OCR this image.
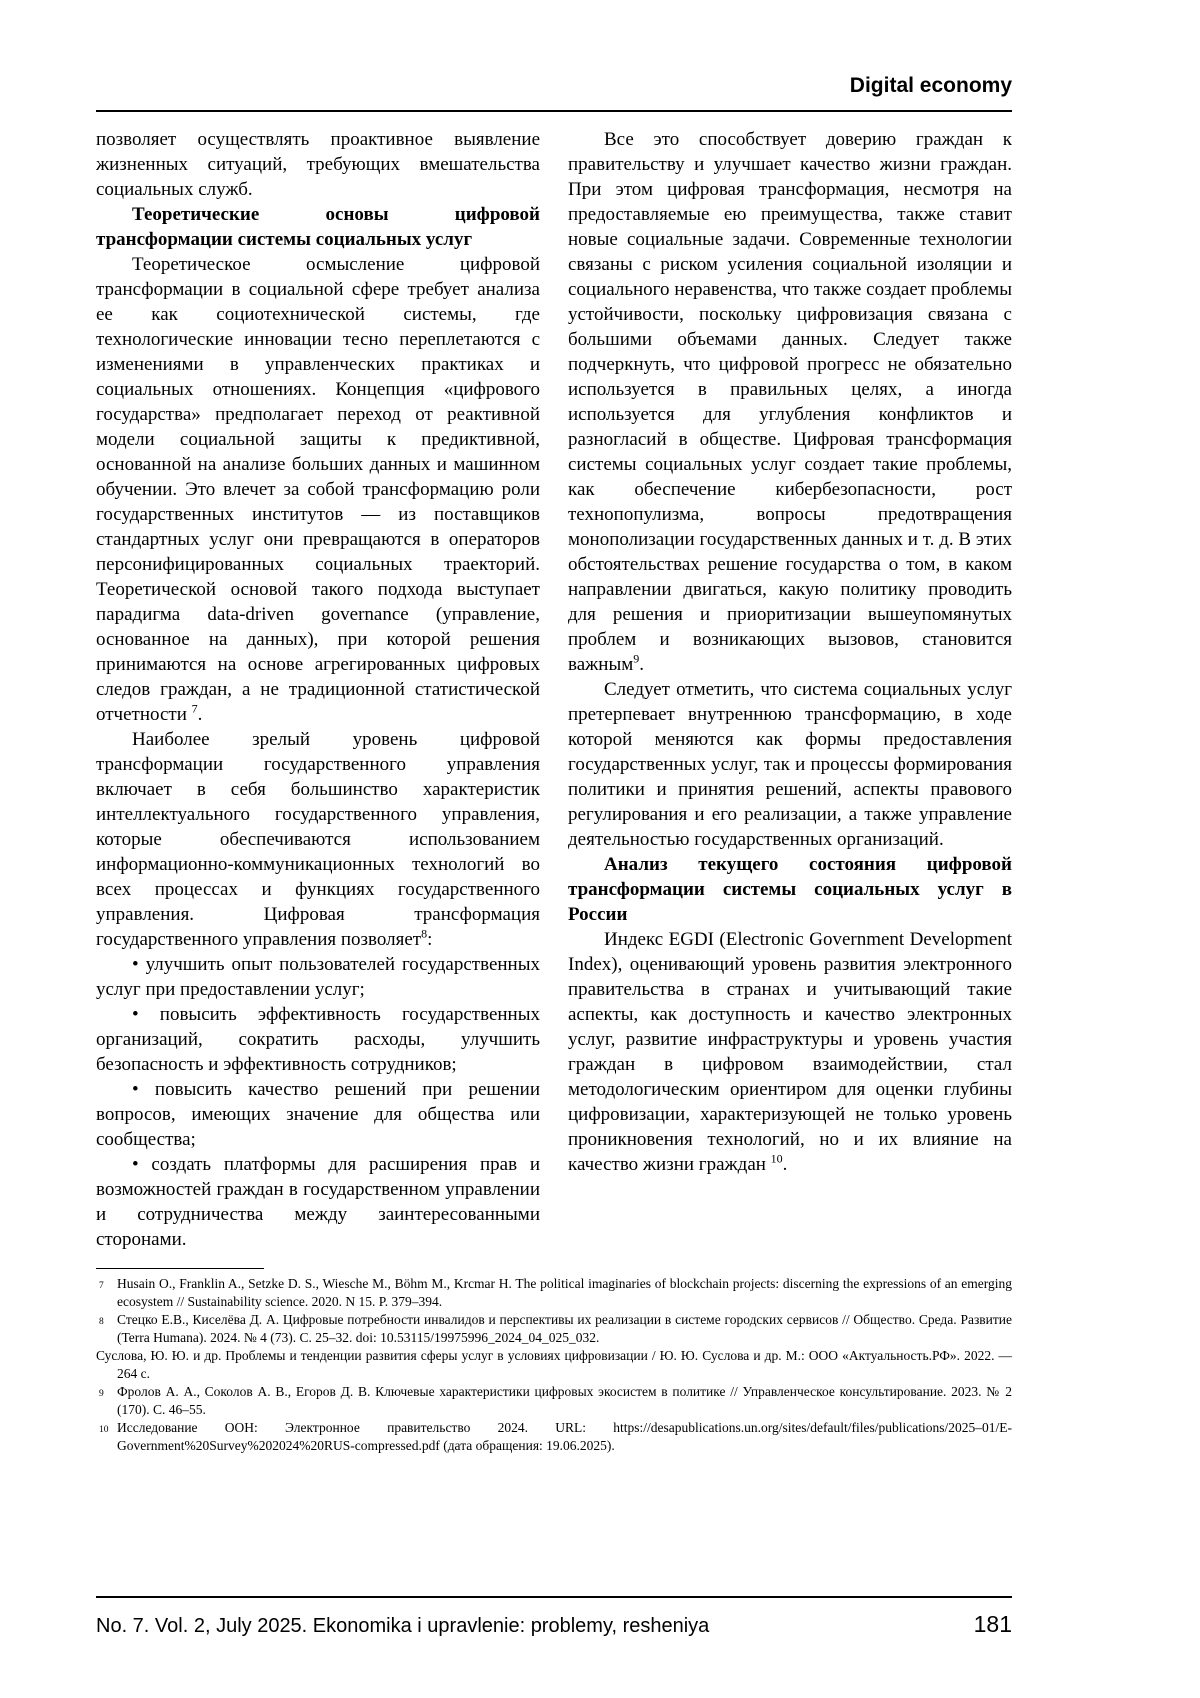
Digital economy

позволяет осуществлять проактивное выявление жизненных ситуаций, требующих вмешательства социальных служб.

Теоретические основы цифровой трансформации системы социальных услуг

Теоретическое осмысление цифровой трансформации в социальной сфере требует анализа ее как социотехнической системы, где технологические инновации тесно переплетаются с изменениями в управленческих практиках и социальных отношениях. Концепция «цифрового государства» предполагает переход от реактивной модели социальной защиты к предиктивной, основанной на анализе больших данных и машинном обучении. Это влечет за собой трансформацию роли государственных институтов — из поставщиков стандартных услуг они превращаются в операторов персонифицированных социальных траекторий. Теоретической основой такого подхода выступает парадигма data-driven governance (управление, основанное на данных), при которой решения принимаются на основе агрегированных цифровых следов граждан, а не традиционной статистической отчетности $^7$.

Наиболее зрелый уровень цифровой трансформации государственного управления включает в себя большинство характеристик интеллектуального государственного управления, которые обеспечиваются использованием информационно-коммуникационных технологий во всех процессах и функциях государственного управления. Цифровая трансформация государственного управления позволяет$^8$:

• улучшить опыт пользователей государственных услуг при предоставлении услуг;

• повысить эффективность государственных организаций, сократить расходы, улучшить безопасность и эффективность сотрудников;

• повысить качество решений при решении вопросов, имеющих значение для общества или сообщества;

• создать платформы для расширения прав и возможностей граждан в государственном управлении и сотрудничества между заинтересованными сторонами.

Все это способствует доверию граждан к правительству и улучшает качество жизни граждан. При этом цифровая трансформация, несмотря на предоставляемые ею преимущества, также ставит новые социальные задачи. Современные технологии связаны с риском усиления социальной изоляции и социального неравенства, что также создает проблемы устойчивости, поскольку цифровизация связана с большими объемами данных. Следует также подчеркнуть, что цифровой прогресс не обязательно используется в правильных целях, а иногда используется для углубления конфликтов и разногласий в обществе. Цифровая трансформация системы социальных услуг создает такие проблемы, как обеспечение кибербезопасности, рост технопопулизма, вопросы предотвращения монополизации государственных данных и т. д. В этих обстоятельствах решение государства о том, в каком направлении двигаться, какую политику проводить для решения и приоритизации вышеупомянутых проблем и возникающих вызовов, становится важным$^9$.

Следует отметить, что система социальных услуг претерпевает внутреннюю трансформацию, в ходе которой меняются как формы предоставления государственных услуг, так и процессы формирования политики и принятия решений, аспекты правового регулирования и его реализации, а также управление деятельностью государственных организаций.

Анализ текущего состояния цифровой трансформации системы социальных услуг в России

Индекс EGDI (Electronic Government Development Index), оценивающий уровень развития электронного правительства в странах и учитывающий такие аспекты, как доступность и качество электронных услуг, развитие инфраструктуры и уровень участия граждан в цифровом взаимодействии, стал методологическим ориентиром для оценки глубины цифровизации, характеризующей не только уровень проникновения технологий, но и их влияние на качество жизни граждан $^{10}$.

7 Husain O., Franklin A., Setzke D. S., Wiesche M., Böhm M., Krcmar H. The political imaginaries of blockchain projects: discerning the expressions of an emerging ecosystem // Sustainability science. 2020. N 15. P. 379–394.
8 Стецко Е.В., Киселёва Д. А. Цифровые потребности инвалидов и перспективы их реализации в системе городских сервисов // Общество. Среда. Развитие (Terra Humana). 2024. № 4 (73). С. 25–32. doi: 10.53115/19975996_2024_04_025_032.
Суслова, Ю. Ю. и др. Проблемы и тенденции развития сферы услуг в условиях цифровизации / Ю. Ю. Суслова и др. М.: ООО «Актуальность.РФ». 2022. — 264 с.
9 Фролов А. А., Соколов А. В., Егоров Д. В. Ключевые характеристики цифровых экосистем в политике // Управленческое консультирование. 2023. № 2 (170). С. 46–55.
10 Исследование ООН: Электронное правительство 2024. URL: https://desapublications.un.org/sites/default/files/publications/2025–01/E-Government%20Survey%202024%20RUS-compressed.pdf (дата обращения: 19.06.2025).
No. 7. Vol. 2, July 2025. Ekonomika i upravlenie: problemy, resheniya	181
